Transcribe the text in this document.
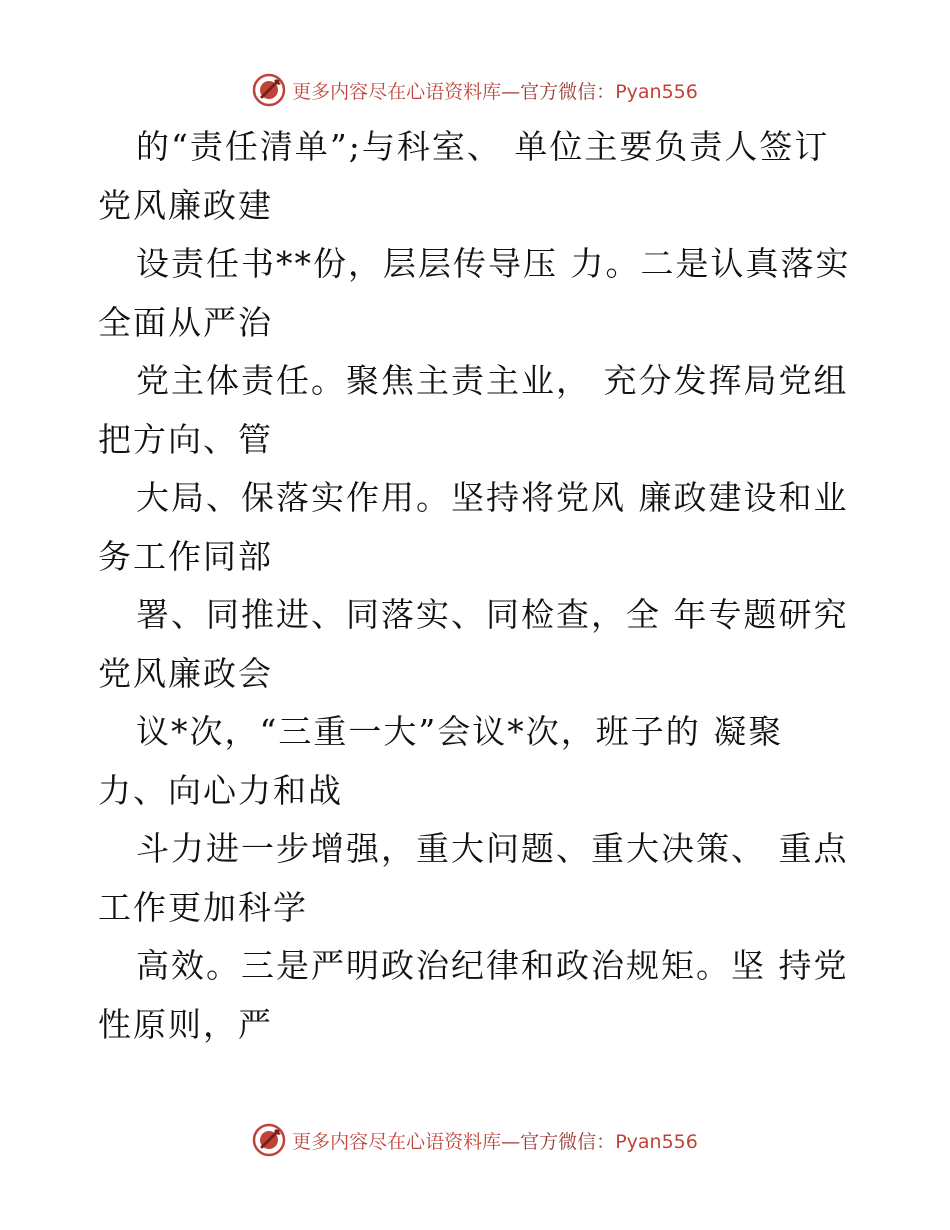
更多内容尽在心语资料库—官方微信：Pyan556
的“责任清单”;与科室、 单位主要负责人签订
党风廉政建
设责任书**份，层层传导压 力。二是认真落实
全面从严治
党主体责任。聚焦主责主业， 充分发挥局党组
把方向、管
大局、保落实作用。坚持将党风 廉政建设和业
务工作同部
署、同推进、同落实、同检查，全 年专题研究
党风廉政会
议*次，“三重一大”会议*次，班子的 凝聚
力、向心力和战
斗力进一步增强，重大问题、重大决策、 重点
工作更加科学
高效。三是严明政治纪律和政治规矩。坚 持党
性原则，严
更多内容尽在心语资料库—官方微信：Pyan556
